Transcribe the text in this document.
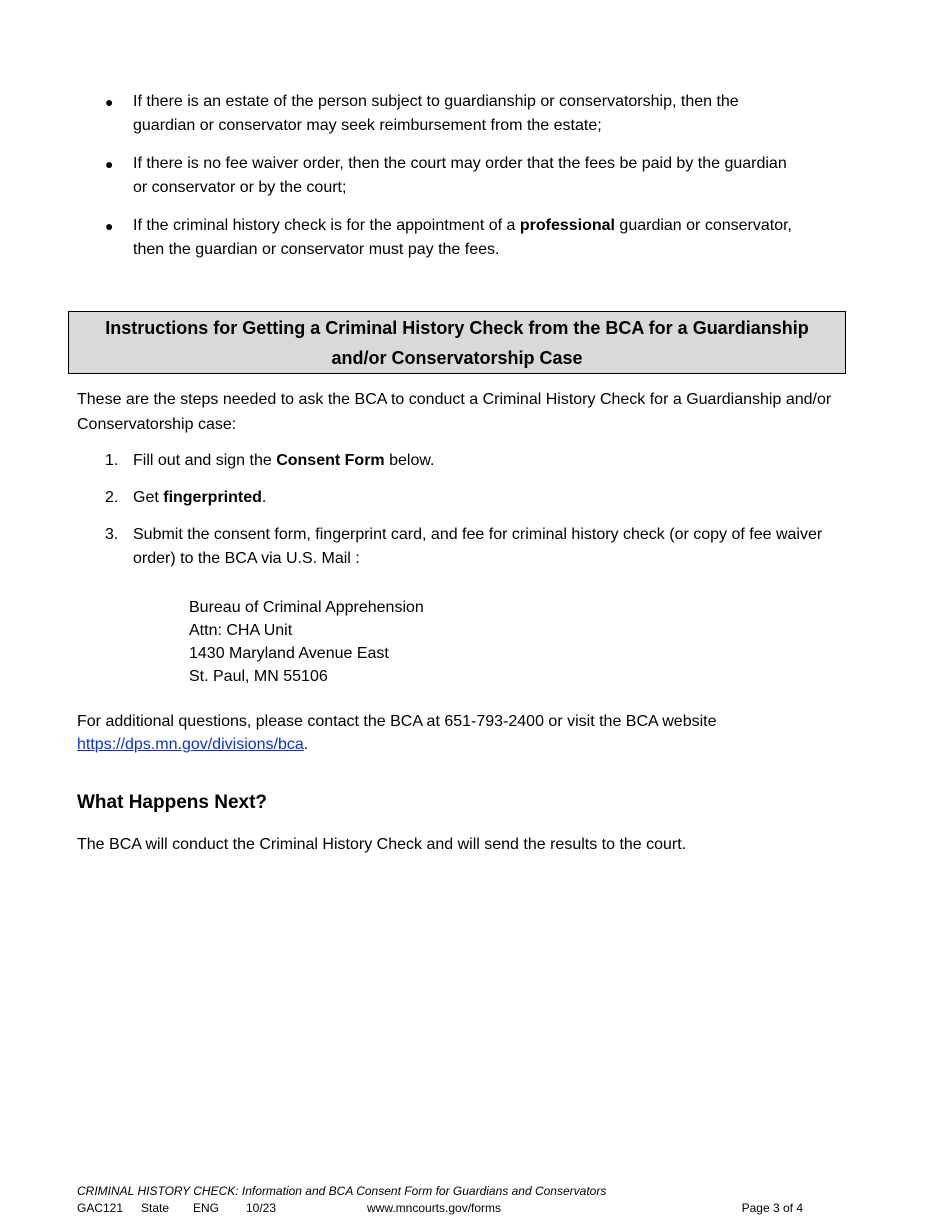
● If there is an estate of the person subject to guardianship or conservatorship, then the guardian or conservator may seek reimbursement from the estate;
● If there is no fee waiver order, then the court may order that the fees be paid by the guardian or conservator or by the court;
● If the criminal history check is for the appointment of a professional guardian or conservator, then the guardian or conservator must pay the fees.
Instructions for Getting a Criminal History Check from the BCA for a Guardianship and/or Conservatorship Case
These are the steps needed to ask the BCA to conduct a Criminal History Check for a Guardianship and/or Conservatorship case:
1. Fill out and sign the Consent Form below.
2. Get fingerprinted.
3. Submit the consent form, fingerprint card, and fee for criminal history check (or copy of fee waiver order) to the BCA via U.S. Mail :
Bureau of Criminal Apprehension
Attn: CHA Unit
1430 Maryland Avenue East
St. Paul, MN 55106
For additional questions, please contact the BCA at 651-793-2400 or visit the BCA website https://dps.mn.gov/divisions/bca.
What Happens Next?
The BCA will conduct the Criminal History Check and will send the results to the court.
CRIMINAL HISTORY CHECK: Information and BCA Consent Form for Guardians and Conservators
GAC121 State ENG 10/23	www.mncourts.gov/forms	Page 3 of 4
